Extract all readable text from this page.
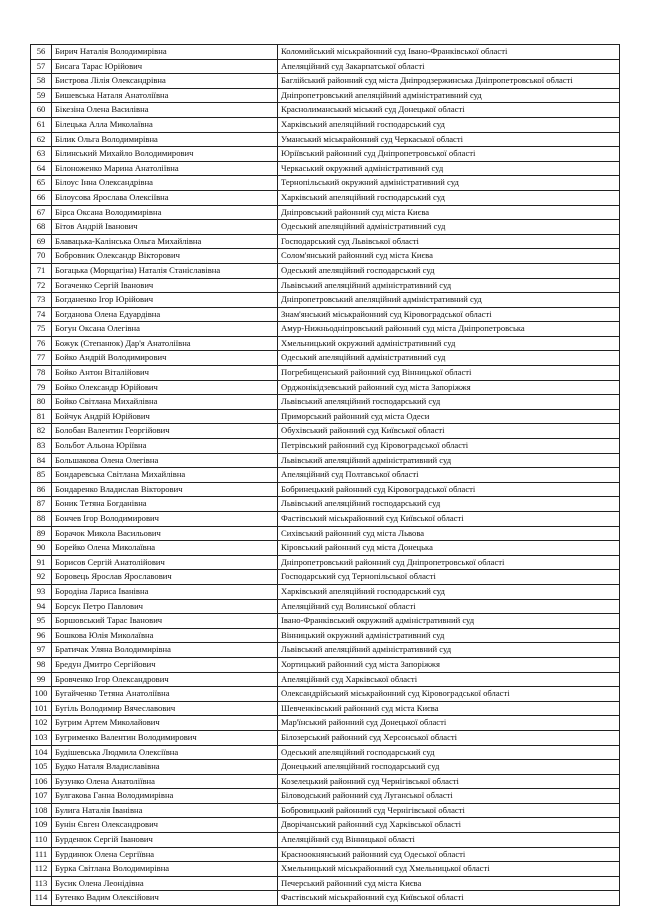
56	Бирич Наталія Володимирівна	Коломийський міськрайонний суд Івано-Франківської області
57	Бисага Тарас Юрійович	Апеляційний суд Закарпатської області
58	Бистрова Лілія Олександрівна	Баглійський районний суд міста Дніпродзержинська Дніпропетровської області
59	Бишевська Наталя Анатоліївна	Дніпропетровський апеляційний адміністративний суд
60	Бікезіна Олена Василівна	Краснолиманський міський суд Донецької області
61	Білецька Алла Миколаївна	Харківський апеляційний господарський суд
62	Білик Ольга Володимирівна	Уманський міськрайонний суд Черкаської області
63	Білинський Михайло Володимирович	Юріївський районний суд Дніпропетровської області
64	Білоноженко Марина Анатоліївна	Черкаський окружний адміністративний суд
65	Білоус Інна Олександрівна	Тернопільський окружний адміністративний суд
66	Білоусова Ярослава Олексіївна	Харківський апеляційний господарський суд
67	Бірса Оксана Володимирівна	Дніпровський районний суд міста Києва
68	Бітов Андрій Іванович	Одеський апеляційний адміністративний суд
69	Блавацька-Калінська Ольга Михайлівна	Господарський суд Львівської області
70	Бобровник Олександр Вікторович	Солом'янський районний суд міста Києва
71	Богацька (Морщагіна) Наталія Станіславівна	Одеський апеляційний господарський суд
72	Богаченко Сергій Іванович	Львівський апеляційний адміністративний суд
73	Богданенко Ігор Юрійович	Дніпропетровський апеляційний адміністративний суд
74	Богданова Олена Едуардівна	Знам'янський міськрайонний суд Кіровоградської області
75	Богун Оксана Олегівна	Амур-Нижньодніпровський районний суд міста Дніпропетровська
76	Божук (Степанюк) Дар'я Анатоліївна	Хмельницький окружний адміністративний суд
77	Бойко Андрій Володимирович	Одеський апеляційний адміністративний суд
78	Бойко Антон Віталійович	Погребищенський районний суд Вінницької області
79	Бойко Олександр Юрійович	Орджонікідзевський районний суд міста Запоріжжя
80	Бойко Світлана Михайлівна	Львівський апеляційний господарський суд
81	Бойчук Андрій Юрійович	Приморський районний суд міста Одеси
82	Болобан Валентин Георгійович	Обухівський районний суд Київської області
83	Больбот Альона Юріївна	Петрівський районний суд Кіровоградської області
84	Большакова Олена Олегівна	Львівський апеляційний адміністративний суд
85	Бондаревська Світлана Михайлівна	Апеляційний суд Полтавської області
86	Бондаренко Владислав Вікторович	Бобринецький районний суд Кіровоградської області
87	Боник Тетяна Богданівна	Львівський апеляційний господарський суд
88	Бончев Ігор Володимирович	Фастівський міськрайонний суд Київської області
89	Борачок Микола Васильович	Сихівський районний суд міста Львова
90	Борейко Олена Миколаївна	Кіровський районний суд міста Донецька
91	Борисов Сергій Анатолійович	Дніпропетровський районний суд Дніпропетровської області
92	Боровець Ярослав Ярославович	Господарський суд Тернопільської області
93	Бородіна Лариса Іванівна	Харківський апеляційний господарський суд
94	Борсук Петро Павлович	Апеляційний суд Волинської області
95	Боршовський Тарас Іванович	Івано-Франківський окружний адміністративний суд
96	Бошкова Юлія Миколаївна	Вінницький окружний адміністративний суд
97	Братичак Уляна Володимирівна	Львівський апеляційний адміністративний суд
98	Бредун Дмитро Сергійович	Хортицький районний суд міста Запоріжжя
99	Бровченко Ігор Олександрович	Апеляційний суд Харківської області
100	Бугайченко Тетяна Анатоліївна	Олександрійський міськрайонний суд Кіровоградської області
101	Бугіль Володимир Вячеславович	Шевченківський районний суд міста Києва
102	Бугрим Артем Миколайович	Мар'їнський районний суд Донецької області
103	Бугрименко Валентин Володимирович	Білозерський районний суд Херсонської області
104	Будішевська Людмила Олексіївна	Одеський апеляційний господарський суд
105	Будко Наталя Владиславівна	Донецький апеляційний господарський суд
106	Бузунко Олена Анатоліївна	Козелецький районний суд Чернігівської області
107	Булгакова Ганна Володимирівна	Біловодський районний суд Луганської області
108	Булига Наталія Іванівна	Бобровицький районний суд Чернігівської області
109	Бунін Євген Олександрович	Дворічанський районний суд Харківської області
110	Бурденюк Сергій Іванович	Апеляційний суд Вінницької області
111	Бурдинюк Олена Сергіївна	Красноокнянський районний суд Одеської області
112	Бурка Світлана Володимирівна	Хмельницький міськрайонний суд Хмельницької області
113	Бусик Олена Леонідівна	Печерський районний суд міста Києва
114	Бутенко Вадим Олексійович	Фастівський міськрайонний суд Київської області
